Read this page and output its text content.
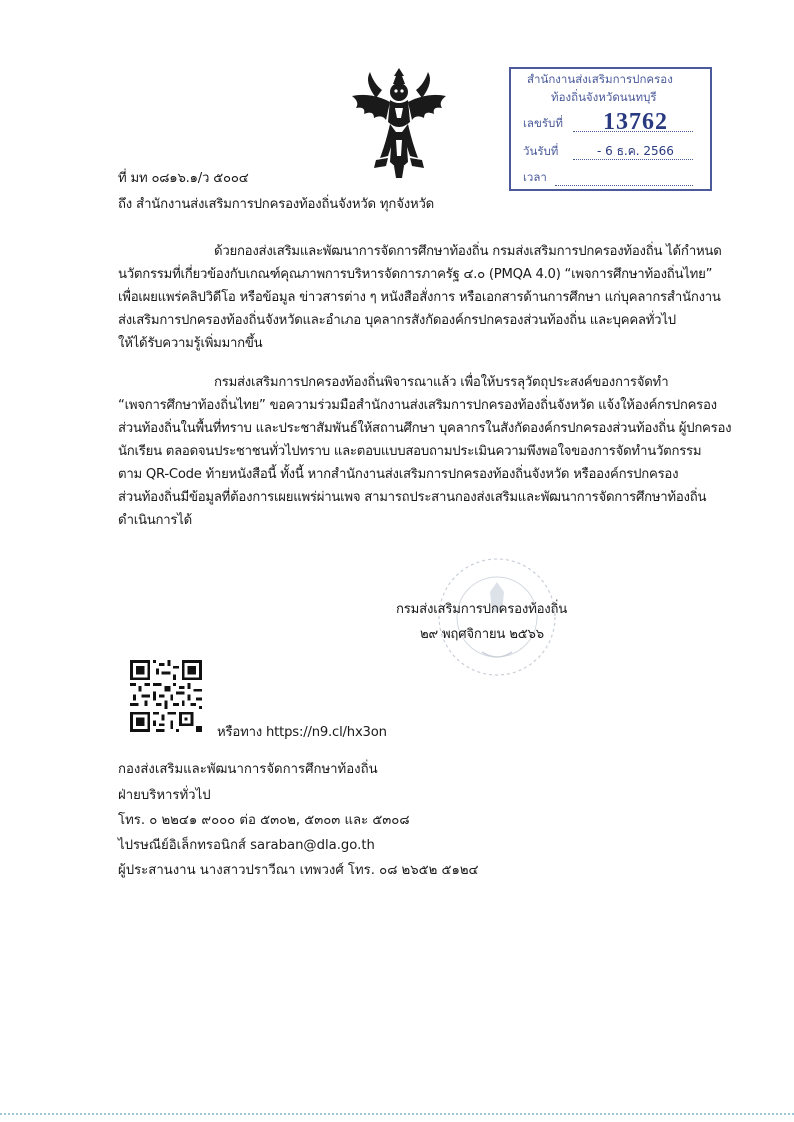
สำนักงานส่งเสริมการปกครอง
ท้องถิ่นจังหวัดนนทบุรี
เลขรับที่ 13762
วันรับที่	- 6 ธ.ค. 2566
เวลา
ที่ มท ๐๘๑๖.๑/ว ๕๐๐๔
ถึง สำนักงานส่งเสริมการปกครองท้องถิ่นจังหวัด ทุกจังหวัด
ด้วยกองส่งเสริมและพัฒนาการจัดการศึกษาท้องถิ่น กรมส่งเสริมการปกครองท้องถิ่น ได้กำหนด
นวัตกรรมที่เกี่ยวข้องกับเกณฑ์คุณภาพการบริหารจัดการภาครัฐ ๔.๐ (PMQA 4.0) “เพจการศึกษาท้องถิ่นไทย”
เพื่อเผยแพร่คลิปวิดีโอ หรือข้อมูล ข่าวสารต่าง ๆ หนังสือสั่งการ หรือเอกสารด้านการศึกษา แก่บุคลากรสำนักงาน
ส่งเสริมการปกครองท้องถิ่นจังหวัดและอำเภอ บุคลากรสังกัดองค์กรปกครองส่วนท้องถิ่น และบุคคลทั่วไป
ให้ได้รับความรู้เพิ่มมากขึ้น
กรมส่งเสริมการปกครองท้องถิ่นพิจารณาแล้ว เพื่อให้บรรลุวัตถุประสงค์ของการจัดทำ
“เพจการศึกษาท้องถิ่นไทย” ขอความร่วมมือสำนักงานส่งเสริมการปกครองท้องถิ่นจังหวัด แจ้งให้องค์กรปกครอง
ส่วนท้องถิ่นในพื้นที่ทราบ และประชาสัมพันธ์ให้สถานศึกษา บุคลากรในสังกัดองค์กรปกครองส่วนท้องถิ่น ผู้ปกครอง
นักเรียน ตลอดจนประชาชนทั่วไปทราบ และตอบแบบสอบถามประเมินความพึงพอใจของการจัดทำนวัตกรรม
ตาม QR-Code ท้ายหนังสือนี้ ทั้งนี้ หากสำนักงานส่งเสริมการปกครองท้องถิ่นจังหวัด หรือองค์กรปกครอง
ส่วนท้องถิ่นมีข้อมูลที่ต้องการเผยแพร่ผ่านเพจ สามารถประสานกองส่งเสริมและพัฒนาการจัดการศึกษาท้องถิ่น
ดำเนินการได้
กรมส่งเสริมการปกครองท้องถิ่น
๒๙ พฤศจิกายน ๒๕๖๖
หรือทาง https://n9.cl/hx3on
กองส่งเสริมและพัฒนาการจัดการศึกษาท้องถิ่น
ฝ่ายบริหารทั่วไป
โทร. ๐ ๒๒๔๑ ๙๐๐๐ ต่อ ๕๓๐๒, ๕๓๐๓ และ ๕๓๐๘
ไปรษณีย์อิเล็กทรอนิกส์ saraban@dla.go.th
ผู้ประสานงาน นางสาวปราวีณา เทพวงศ์ โทร. ๐๘ ๒๖๕๒ ๕๑๒๔
